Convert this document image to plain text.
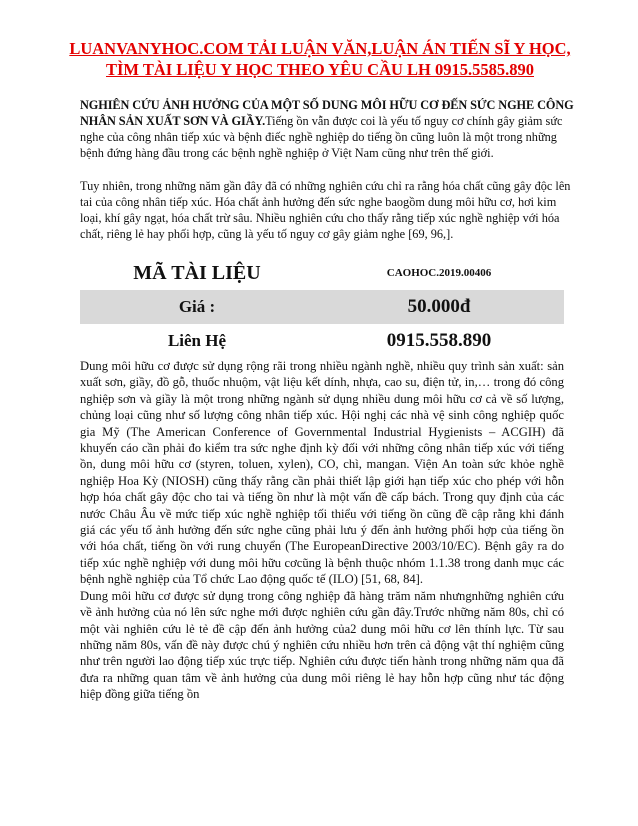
LUANVANYHOC.COM TẢI LUẬN VĂN,LUẬN ÁN TIẾN SĨ Y HỌC, TÌM TÀI LIỆU Y HỌC THEO YÊU CẦU LH 0915.5585.890
NGHIÊN CỨU ẢNH HƯỞNG CỦA MỘT SỐ DUNG MÔI HỮU CƠ ĐẾN SỨC NGHE CÔNG NHÂN SẢN XUẤT SƠN VÀ GIẦY.Tiếng ồn vẫn được coi là yếu tố nguy cơ chính gây giảm sức nghe của công nhân tiếp xúc và bệnh điếc nghề nghiệp do tiếng ồn cũng luôn là một trong những bệnh đứng hàng đầu trong các bệnh nghề nghiệp ở Việt Nam cũng như trên thế giới.
Tuy nhiên, trong những năm gần đây đã có những nghiên cứu chỉ ra rằng hóa chất cũng gây độc lên tai của công nhân tiếp xúc. Hóa chất ảnh hưởng đến sức nghe baogồm dung môi hữu cơ, hơi kim loại, khí gây ngạt, hóa chất trừ sâu. Nhiều nghiên cứu cho thấy rằng tiếp xúc nghề nghiệp với hóa chất, riêng lẻ hay phối hợp, cũng là yếu tố nguy cơ gây giảm nghe [69, 96,].
MÃ TÀI LIỆU	CAOHOC.2019.00406
Giá :	50.000đ
Liên Hệ	0915.558.890

Dung môi hữu cơ được sử dụng rộng rãi trong nhiều ngành nghề, nhiều quy trình sản xuất: sản xuất sơn, giầy, đồ gỗ, thuốc nhuộm, vật liệu kết dính, nhựa, cao su, điện tử, in,… trong đó công nghiệp sơn và giầy là một trong những ngành sử dụng nhiều dung môi hữu cơ cả về số lượng, chủng loại cũng như số lượng công nhân tiếp xúc. Hội nghị các nhà vệ sinh công nghiệp quốc gia Mỹ (The American Conference of Governmental Industrial Hygienists – ACGIH) đã khuyến cáo cần phải đo kiểm tra sức nghe định kỳ đối với những công nhân tiếp xúc với tiếng ồn, dung môi hữu cơ (styren, toluen, xylen), CO, chì, mangan. Viện An toàn sức khỏe nghề nghiệp Hoa Kỳ (NIOSH) cũng thấy rằng cần phải thiết lập giới hạn tiếp xúc cho phép với hỗn hợp hóa chất gây độc cho tai và tiếng ồn như là một vấn đề cấp bách. Trong quy định của các nước Châu Âu về mức tiếp xúc nghề nghiệp tối thiểu với tiếng ồn cũng đề cập rằng khi đánh giá các yếu tố ảnh hưởng đến sức nghe cũng phải lưu ý đến ảnh hưởng phối hợp của tiếng ồn với hóa chất, tiếng ồn với rung chuyển (The EuropeanDirective 2003/10/EC). Bệnh gây ra do tiếp xúc nghề nghiệp với dung môi hữu cơcũng là bệnh thuộc nhóm 1.1.38 trong danh mục các bệnh nghề nghiệp của Tổ chức Lao động quốc tế (ILO) [51, 68, 84].

Dung môi hữu cơ được sử dụng trong công nghiệp đã hàng trăm năm nhưngnhững nghiên cứu về ảnh hưởng của nó lên sức nghe mới được nghiên cứu gần đây.Trước những năm 80s, chỉ có một vài nghiên cứu lẻ tẻ đề cập đến ảnh hưởng của2 dung môi hữu cơ lên thính lực. Từ sau những năm 80s, vấn đề này được chú ý nghiên cứu nhiều hơn trên cả động vật thí nghiệm cũng như trên người lao động tiếp xúc trực tiếp. Nghiên cứu được tiến hành trong những năm qua đã đưa ra những quan tâm về ảnh hưởng của dung môi riêng lẻ hay hỗn hợp cũng như tác động hiệp đồng giữa tiếng ồn
